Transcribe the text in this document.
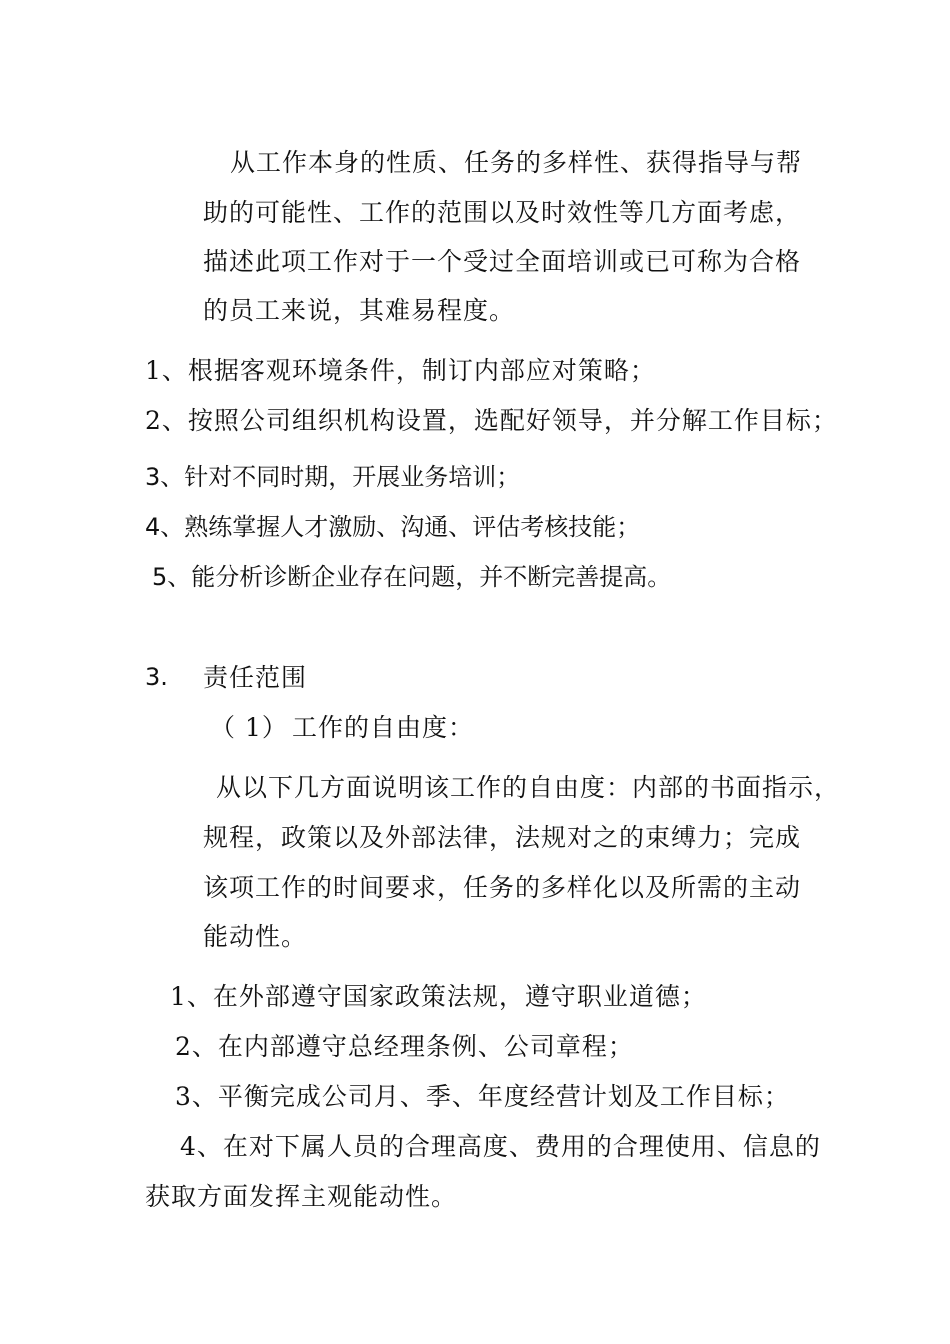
从工作本身的性质、任务的多样性、获得指导与帮
助的可能性、工作的范围以及时效性等几方面考虑，
描述此项工作对于一个受过全面培训或已可称为合格
的员工来说，其难易程度。
1、根据客观环境条件，制订内部应对策略；
2、按照公司组织机构设置，选配好领导，并分解工作目标；
3、针对不同时期，开展业务培训；
4、熟练掌握人才激励、沟通、评估考核技能；
5、能分析诊断企业存在问题，并不断完善提高。
3. 责任范围
（ 1） 工作的自由度：
从以下几方面说明该工作的自由度：内部的书面指示，
规程，政策以及外部法律，法规对之的束缚力；完成
该项工作的时间要求，任务的多样化以及所需的主动
能动性。
1、在外部遵守国家政策法规，遵守职业道德；
2、在内部遵守总经理条例、公司章程；
3、平衡完成公司月、季、年度经营计划及工作目标；
4、在对下属人员的合理高度、费用的合理使用、信息的
获取方面发挥主观能动性。
